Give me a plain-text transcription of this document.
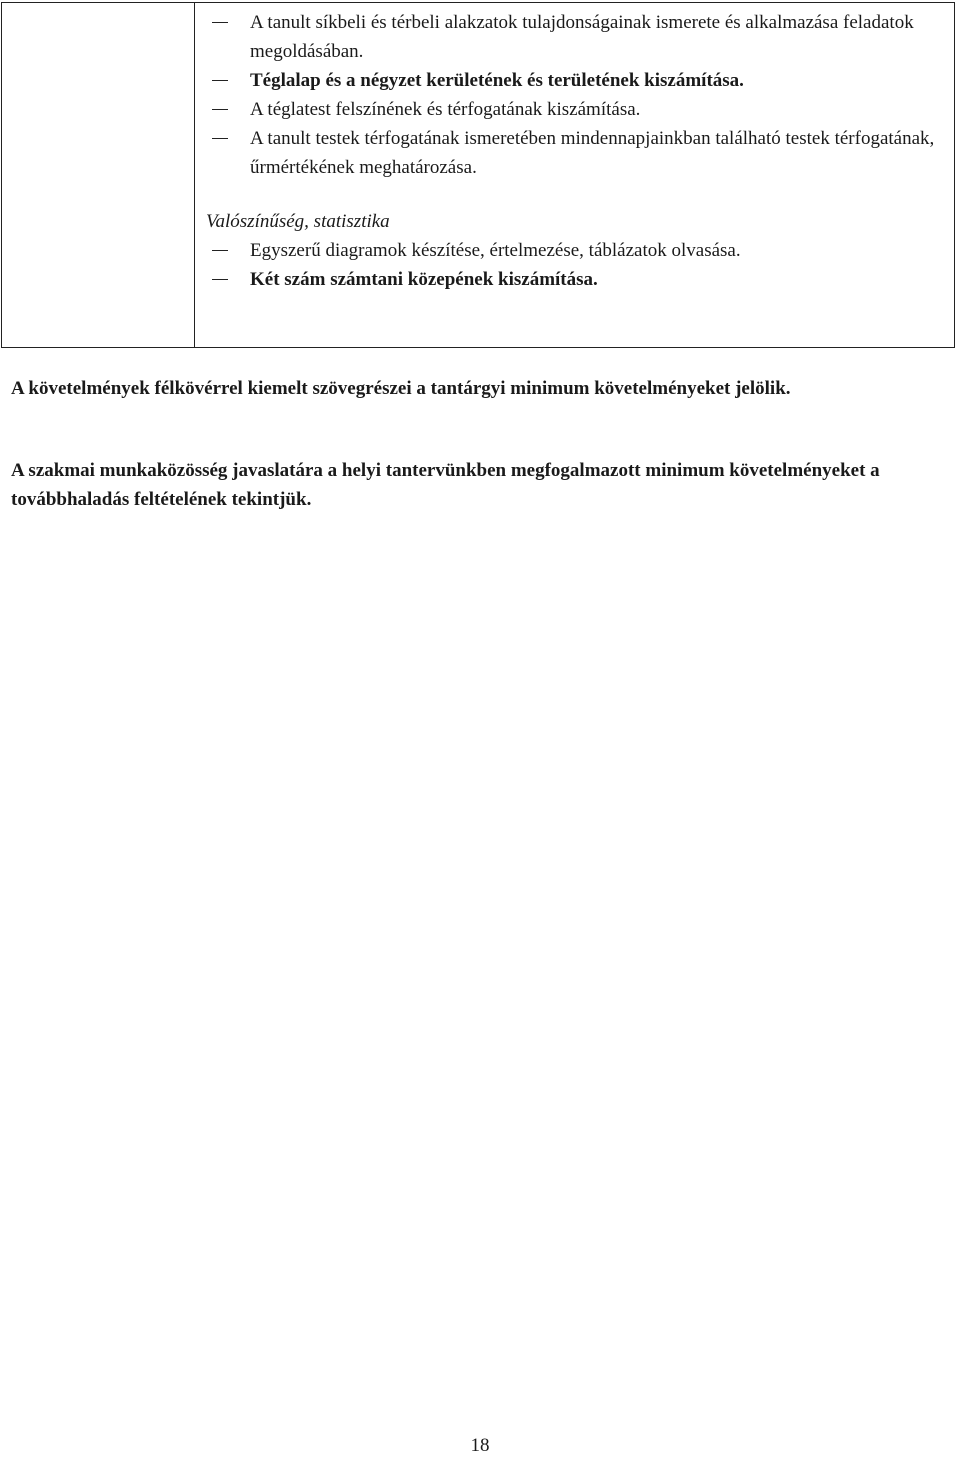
A tanult síkbeli és térbeli alakzatok tulajdonságainak ismerete és alkalmazása feladatok megoldásában.
Téglalap és a négyzet kerületének és területének kiszámítása.
A téglatest felszínének és térfogatának kiszámítása.
A tanult testek térfogatának ismeretében mindennapjainkban található testek térfogatának, űrmértékének meghatározása.
Valószínűség, statisztika
Egyszerű diagramok készítése, értelmezése, táblázatok olvasása.
Két szám számtani közepének kiszámítása.

A követelmények félkövérrel kiemelt szövegrészei a tantárgyi minimum követelményeket jelölik.

A szakmai munkaközösség javaslatára a helyi tantervünkben megfogalmazott minimum követelményeket a továbbhaladás feltételének tekintjük.

18
